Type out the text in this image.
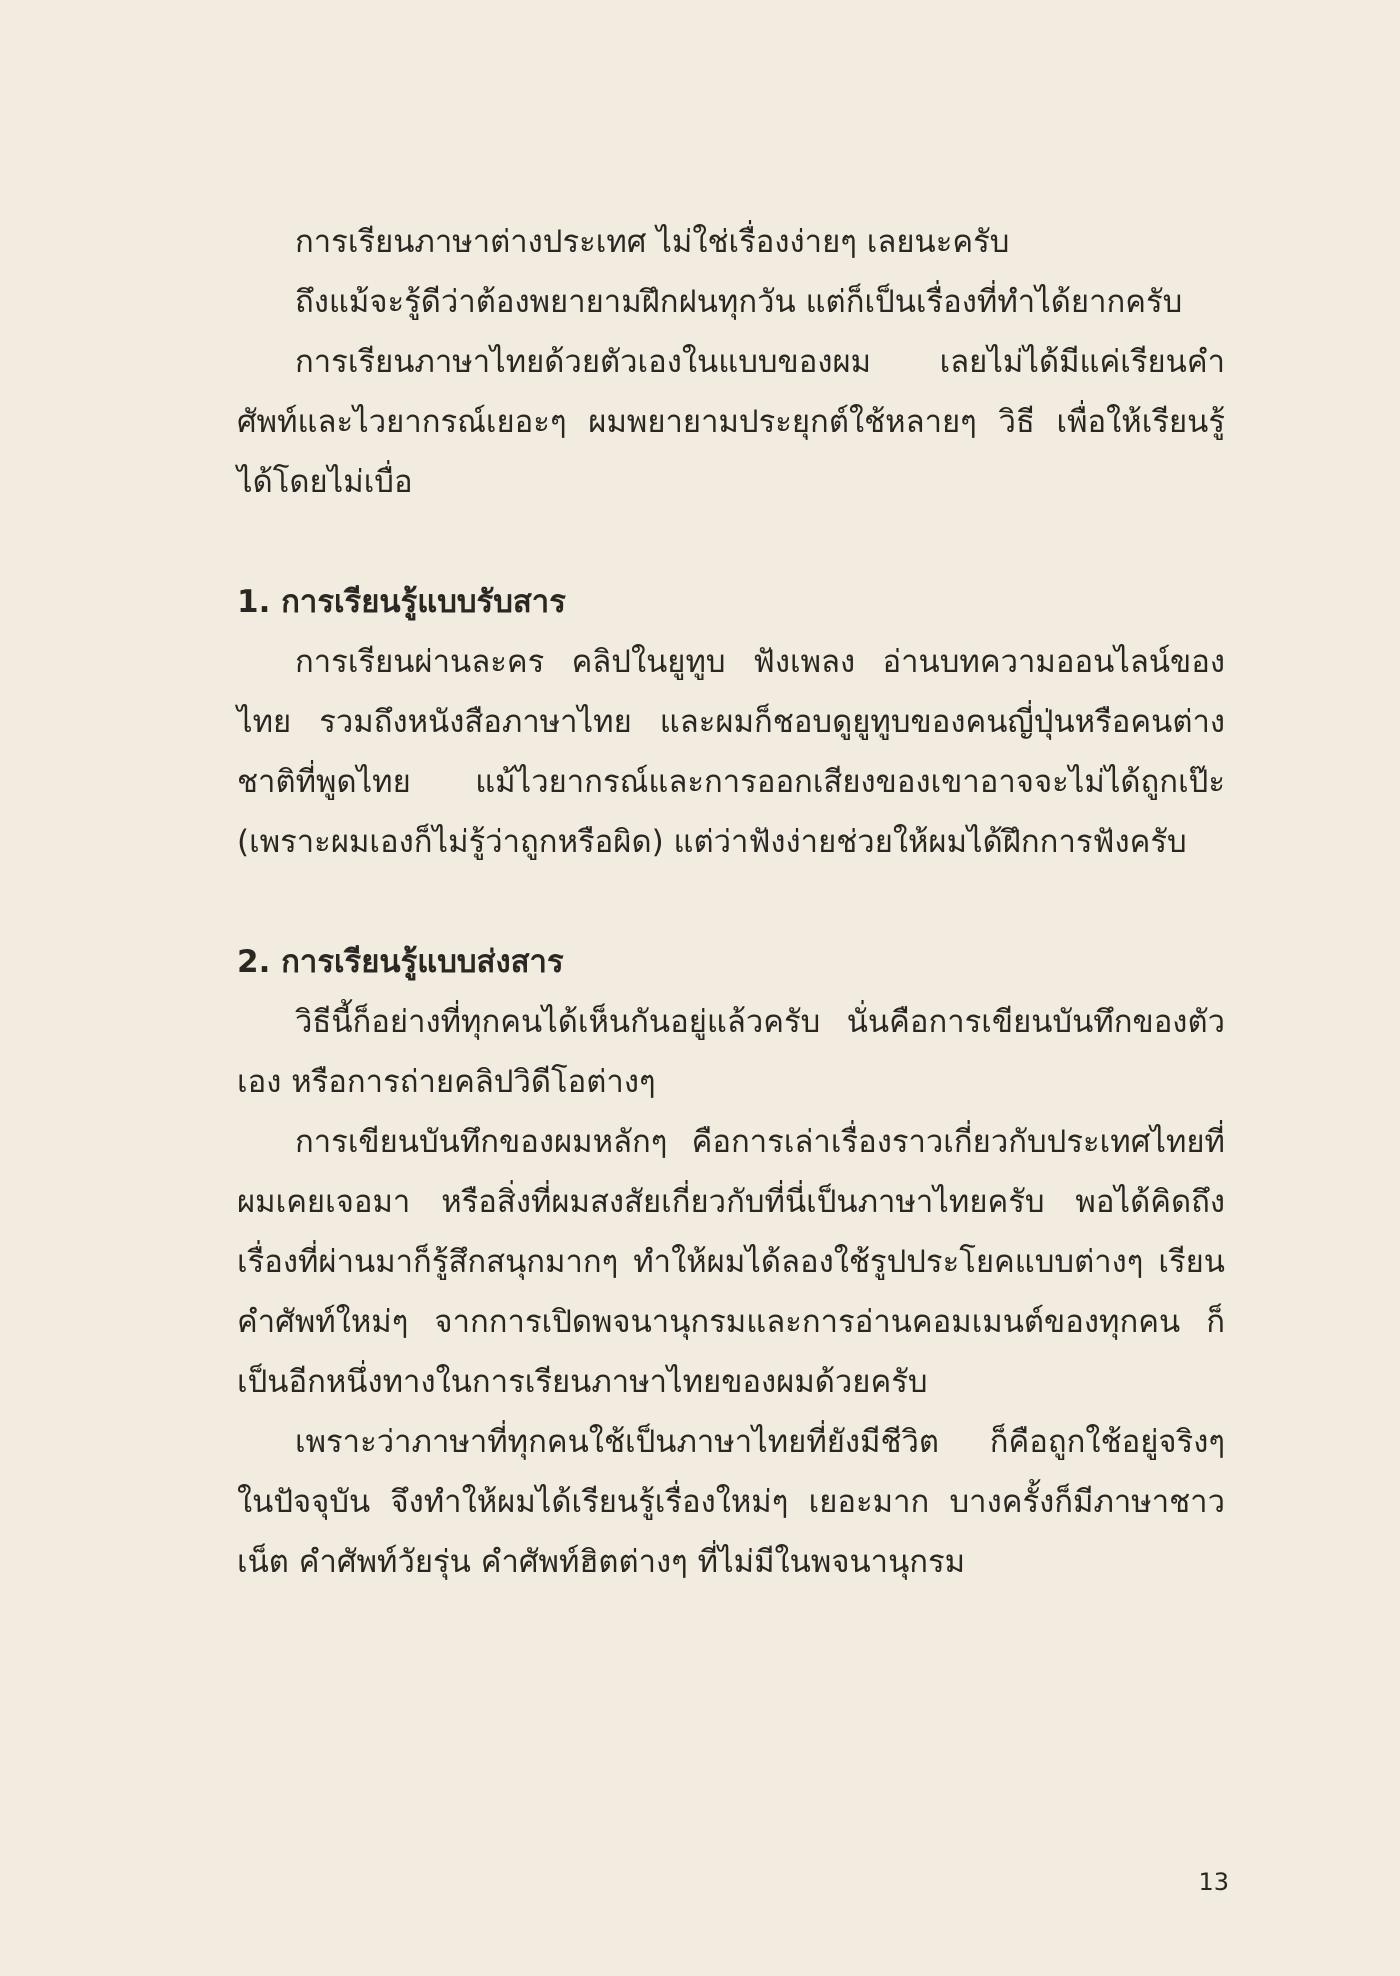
การเรียนภาษาต่างประเทศ ไม่ใช่เรื่องง่ายๆ เลยนะครับ

ถึงแม้จะรู้ดีว่าต้องพยายามฝึกฝนทุกวัน แต่ก็เป็นเรื่องที่ทำได้ยากครับ

การเรียนภาษาไทยด้วยตัวเองในแบบของผม เลยไม่ได้มีแค่เรียนคำศัพท์และไวยากรณ์เยอะๆ ผมพยายามประยุกต์ใช้หลายๆ วิธี เพื่อให้เรียนรู้ได้โดยไม่เบื่อ

1. การเรียนรู้แบบรับสาร

การเรียนผ่านละคร คลิปในยูทูบ ฟังเพลง อ่านบทความออนไลน์ของไทย รวมถึงหนังสือภาษาไทย และผมก็ชอบดูยูทูบของคนญี่ปุ่นหรือคนต่างชาติที่พูดไทย แม้ไวยากรณ์และการออกเสียงของเขาอาจจะไม่ได้ถูกเป๊ะ (เพราะผมเองก็ไม่รู้ว่าถูกหรือผิด) แต่ว่าฟังง่ายช่วยให้ผมได้ฝึกการฟังครับ

2. การเรียนรู้แบบส่งสาร

วิธีนี้ก็อย่างที่ทุกคนได้เห็นกันอยู่แล้วครับ นั่นคือการเขียนบันทึกของตัวเอง หรือการถ่ายคลิปวิดีโอต่างๆ

การเขียนบันทึกของผมหลักๆ คือการเล่าเรื่องราวเกี่ยวกับประเทศไทยที่ผมเคยเจอมา หรือสิ่งที่ผมสงสัยเกี่ยวกับที่นี่เป็นภาษาไทยครับ พอได้คิดถึงเรื่องที่ผ่านมาก็รู้สึกสนุกมากๆ ทำให้ผมได้ลองใช้รูปประโยคแบบต่างๆ เรียนคำศัพท์ใหม่ๆ จากการเปิดพจนานุกรมและการอ่านคอมเมนต์ของทุกคน ก็เป็นอีกหนึ่งทางในการเรียนภาษาไทยของผมด้วยครับ

เพราะว่าภาษาที่ทุกคนใช้เป็นภาษาไทยที่ยังมีชีวิต ก็คือถูกใช้อยู่จริงๆ ในปัจจุบัน จึงทำให้ผมได้เรียนรู้เรื่องใหม่ๆ เยอะมาก บางครั้งก็มีภาษาชาวเน็ต คำศัพท์วัยรุ่น คำศัพท์ฮิตต่างๆ ที่ไม่มีในพจนานุกรม

13
